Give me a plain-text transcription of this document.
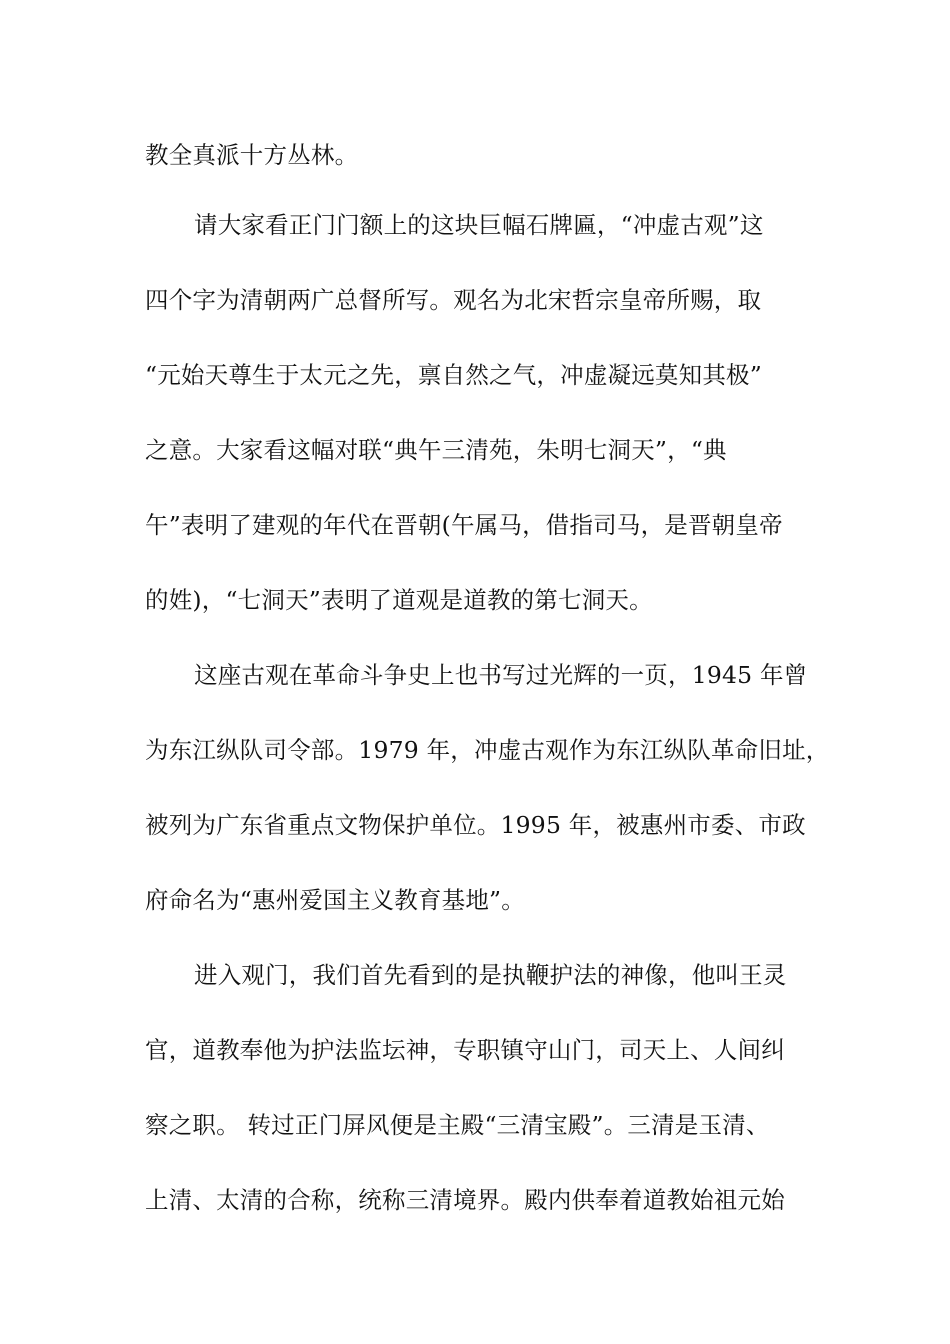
教全真派十方丛林。
请大家看正门门额上的这块巨幅石牌匾，“冲虚古观”这
四个字为清朝两广总督所写。观名为北宋哲宗皇帝所赐，取
“元始天尊生于太元之先，禀自然之气，冲虚凝远莫知其极”
之意。大家看这幅对联“典午三清苑，朱明七洞天”，“典
午”表明了建观的年代在晋朝(午属马，借指司马，是晋朝皇帝
的姓)，“七洞天”表明了道观是道教的第七洞天。
这座古观在革命斗争史上也书写过光辉的一页，1945 年曾
为东江纵队司令部。1979 年，冲虚古观作为东江纵队革命旧址，
被列为广东省重点文物保护单位。1995 年，被惠州市委、市政
府命名为“惠州爱国主义教育基地”。
进入观门，我们首先看到的是执鞭护法的神像，他叫王灵
官，道教奉他为护法监坛神，专职镇守山门，司天上、人间纠
察之职。 转过正门屏风便是主殿“三清宝殿”。三清是玉清、
上清、太清的合称，统称三清境界。殿内供奉着道教始祖元始
